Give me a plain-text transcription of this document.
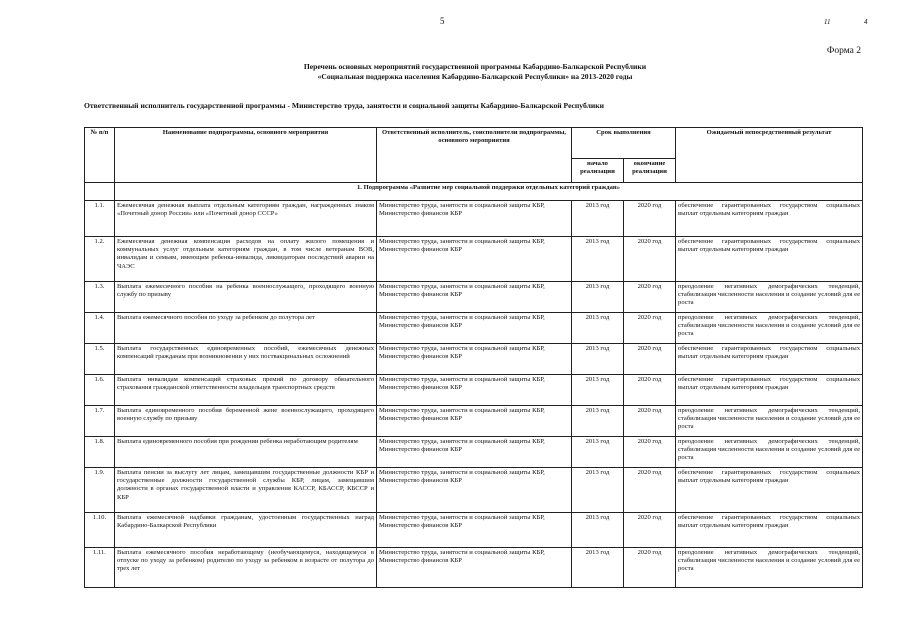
5	11	4
Форма 2
Перечень основных мероприятий государственной программы Кабардино-Балкарской Республики
«Социальная поддержка населения Кабардино-Балкарской Республики» на 2013-2020 годы
Ответственный исполнитель государственной программы - Министерство труда, занятости и социальной защиты Кабардино-Балкарской Республики
№ п/п	Наименование подпрограммы, основного мероприятия	Ответственный исполнитель, соисполнители подпрограммы, основного мероприятия	Срок выполнения		Ожидаемый непосредственный результат
			начало реализации	окончание реализации	
	1. Подпрограмма «Развитие мер социальной поддержки отдельных категорий граждан»				
1.1.	Ежемесячная денежная выплата отдельным категориям граждан, награжденных знаком «Почетный донор России» или «Почетный донор СССР»	Министерство труда, занятости и социальной защиты КБР, Министерство финансов КБР	2013 год	2020 год	обеспечение гарантированных государством социальных выплат отдельным категориям граждан
1.2.	Ежемесячная денежная компенсация расходов на оплату жилого помещения и коммунальных услуг отдельным категориям граждан, в том числе ветеранам ВОВ, инвалидам и семьям, имеющим ребенка-инвалида, ликвидаторам последствий аварии на ЧАЭС	Министерство труда, занятости и социальной защиты КБР, Министерство финансов КБР	2013 год	2020 год	обеспечение гарантированных государством социальных выплат отдельным категориям граждан
1.3.	Выплата ежемесячного пособия на ребенка военнослужащего, проходящего военную службу по призыву	Министерство труда, занятости и социальной защиты КБР, Министерство финансов КБР	2013 год	2020 год	преодоление негативных демографических тенденций, стабилизация численности населения и создание условий для ее роста
1.4.	Выплата ежемесячного пособия по уходу за ребенком до полутора лет	Министерство труда, занятости и социальной защиты КБР, Министерство финансов КБР	2013 год	2020 год	преодоление негативных демографических тенденций, стабилизация численности населения и создание условий для ее роста
1.5.	Выплата государственных единовременных пособий, ежемесячных денежных компенсаций гражданам при возникновении у них поствакцинальных осложнений	Министерство труда, занятости и социальной защиты КБР, Министерство финансов КБР	2013 год	2020 год	обеспечение гарантированных государством социальных выплат отдельным категориям граждан
1.6.	Выплата инвалидам компенсаций страховых премий по договору обязательного страхования гражданской ответственности владельцев транспортных средств	Министерство труда, занятости и социальной защиты КБР, Министерство финансов КБР	2013 год	2020 год	обеспечение гарантированных государством социальных выплат отдельным категориям граждан
1.7.	Выплата единовременного пособия беременной жене военнослужащего, проходящего военную службу по призыву	Министерство труда, занятости и социальной защиты КБР, Министерство финансов КБР	2013 год	2020 год	преодоление негативных демографических тенденций, стабилизация численности населения и создание условий для ее роста
1.8.	Выплата единовременного пособия при рождении ребенка неработающим родителям	Министерство труда, занятости и социальной защиты КБР, Министерство финансов КБР	2013 год	2020 год	преодоление негативных демографических тенденций, стабилизация численности населения и создание условий для ее роста
1.9.	Выплата пенсии за выслугу лет лицам, замещавшим государственные должности КБР и государственные должности государственной службы КБР, лицам, замещавшим должности в органах государственной власти и управления КАССР, КБАССР, КБССР и КБР	Министерство труда, занятости и социальной защиты КБР, Министерство финансов КБР	2013 год	2020 год	обеспечение гарантированных государством социальных выплат отдельным категориям граждан
1.10.	Выплата ежемесячной надбавки гражданам, удостоенным государственных наград Кабардино-Балкарской Республики	Министерство труда, занятости и социальной защиты КБР, Министерство финансов КБР	2013 год	2020 год	обеспечение гарантированных государством социальных выплат отдельным категориям граждан
1.11.	Выплата ежемесячного пособия неработающему (необучающемуся, находящемуся в отпуске по уходу за ребенком) родителю по уходу за ребенком в возрасте от полутора до трех лет	Министерство труда, занятости и социальной защиты КБР, Министерство финансов КБР	2013 год	2020 год	преодоление негативных демографических тенденций, стабилизация численности населения и создание условий для ее роста
